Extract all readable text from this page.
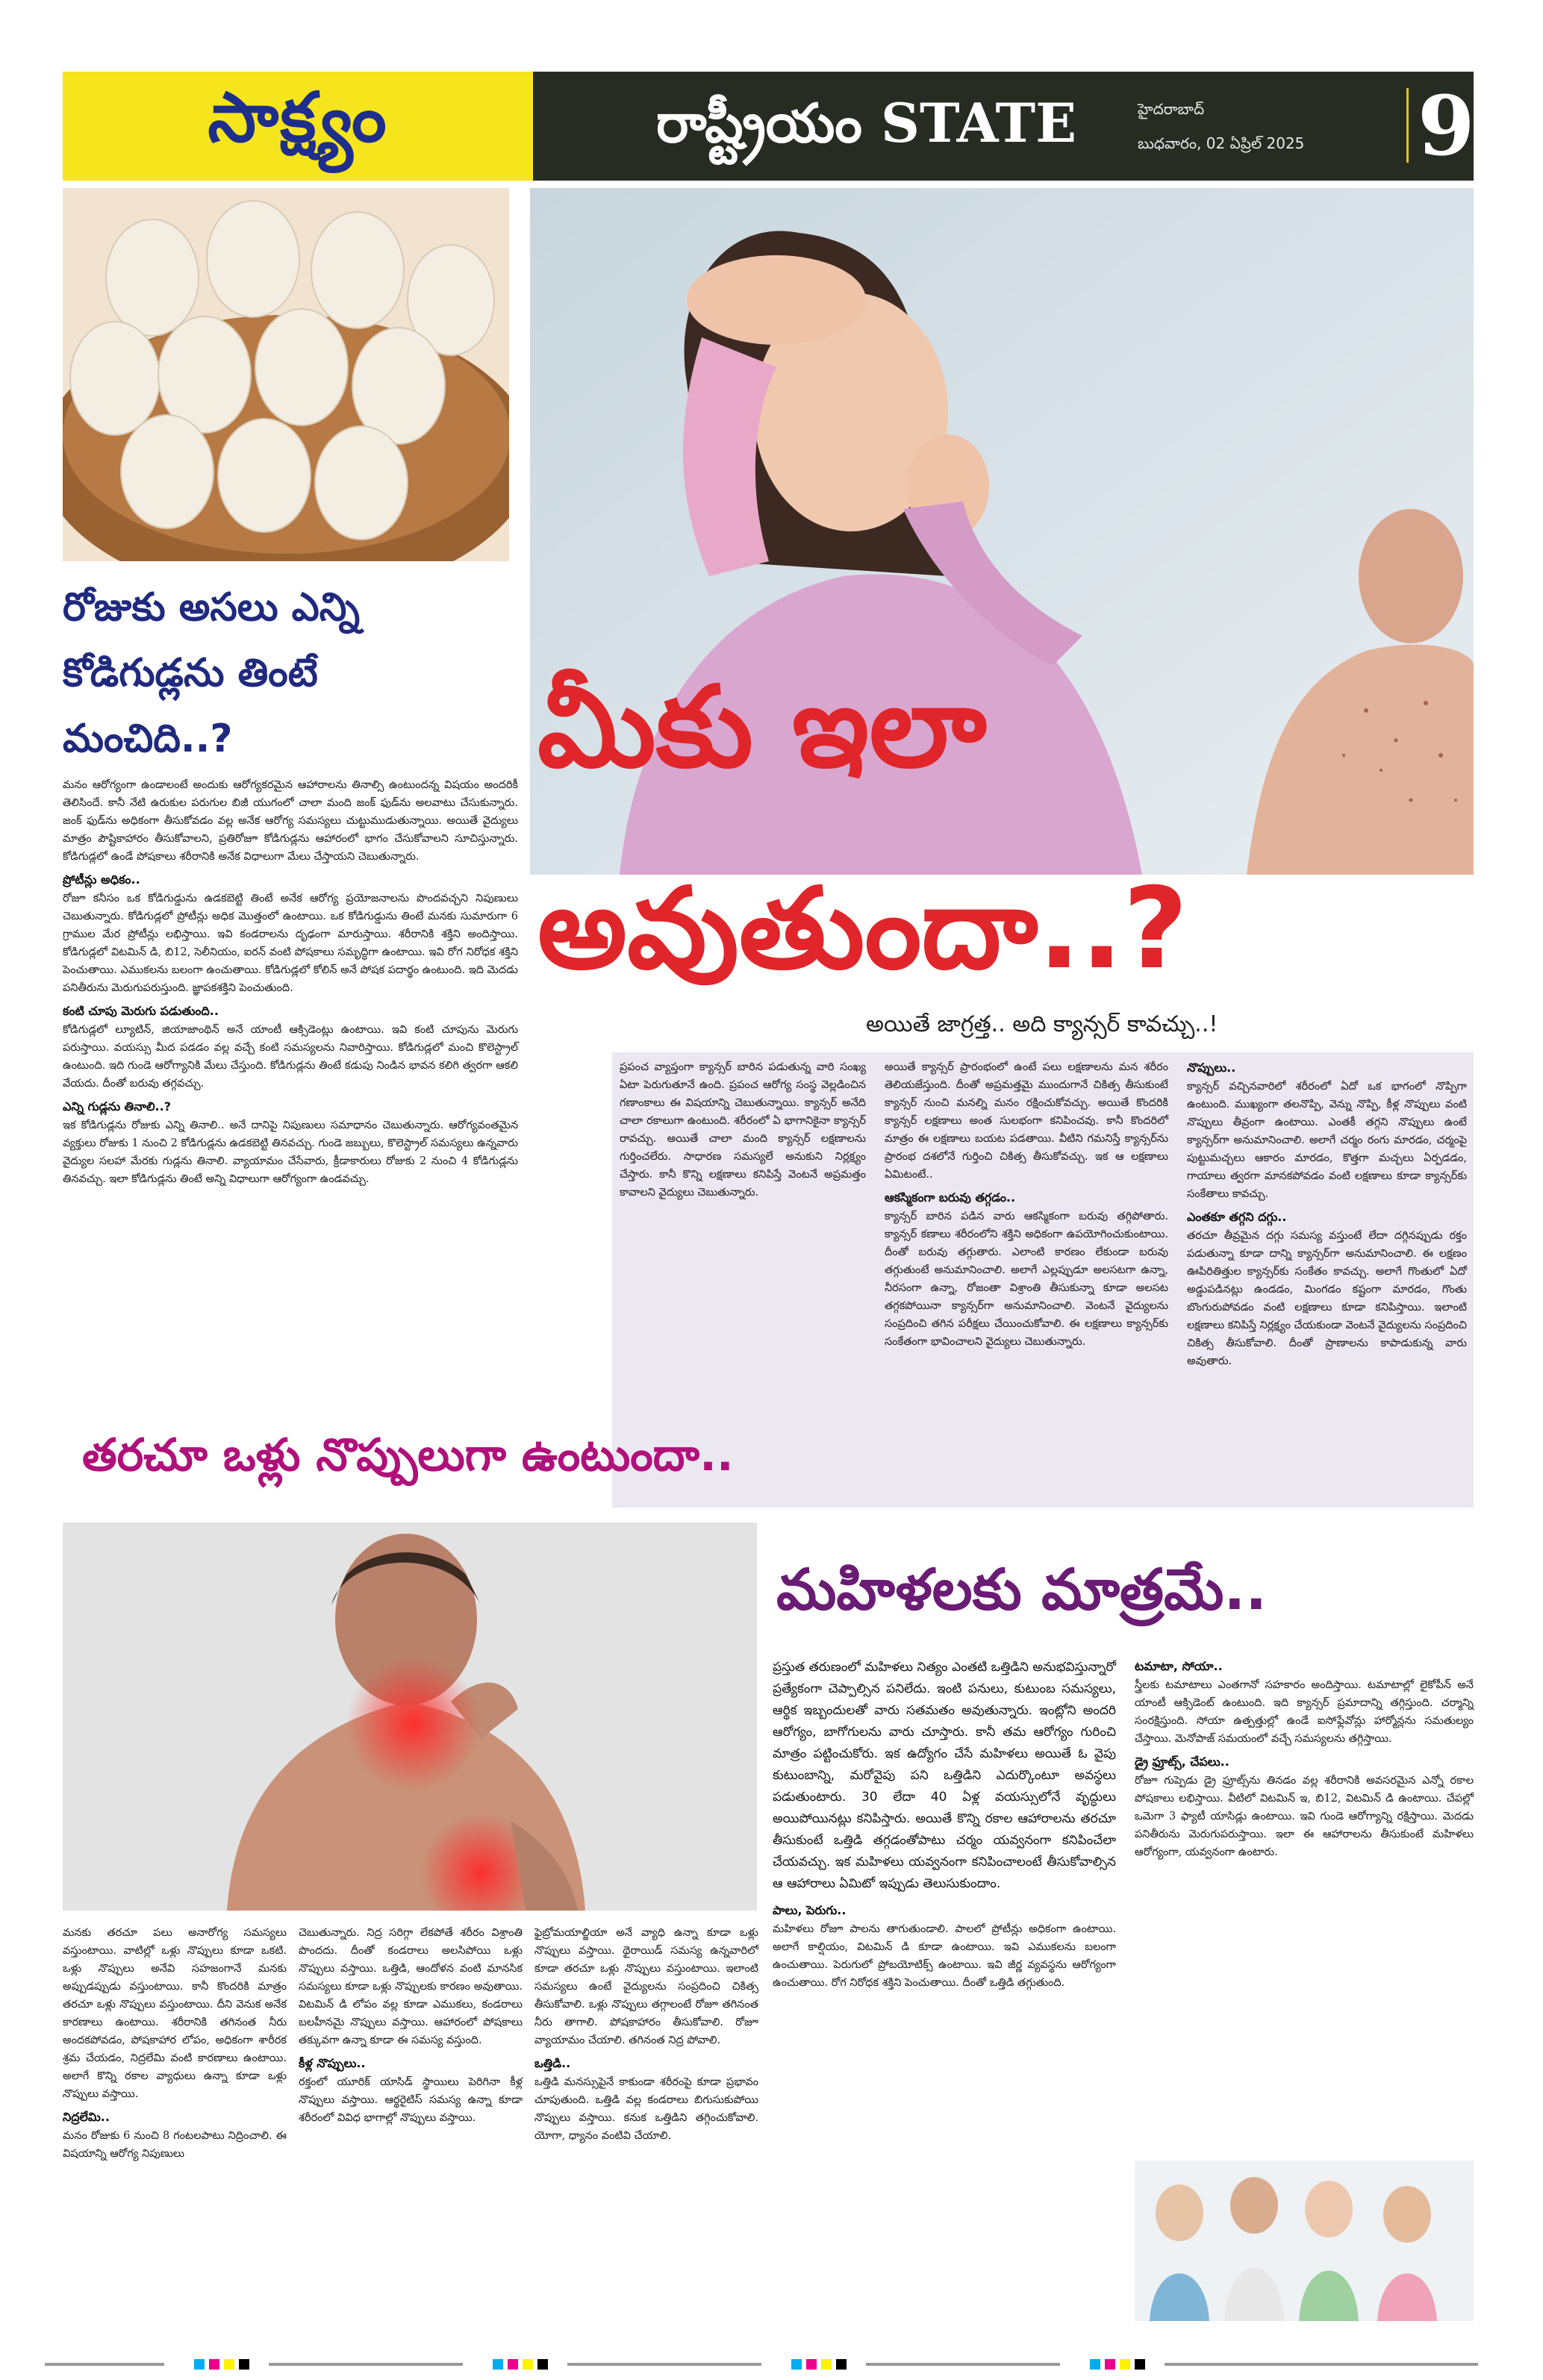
సాక్ష్యం	రాష్ట్రీయం STATE	హైదరాబాద్
బుధవారం, 02 ఏప్రిల్ 2025 9
రోజుకు అసలు ఎన్ని కోడిగుడ్లను తింటే మంచిది..?

మనం ఆరోగ్యంగా ఉండాలంటే అందుకు ఆరోగ్యకరమైన ఆహారాలను తినాల్సి ఉంటుందన్న విషయం అందరికీ తెలిసిందే. కానీ నేటి ఉరుకుల పరుగుల బిజీ యుగంలో చాలా మంది జంక్ ఫుడ్‌ను అలవాటు చేసుకున్నారు. జంక్ ఫుడ్‌ను అధికంగా తీసుకోవడం వల్ల అనేక ఆరోగ్య సమస్యలు చుట్టుముడుతున్నాయి. అయితే వైద్యులు మాత్రం పౌష్టికాహారం తీసుకోవాలని, ప్రతిరోజూ కోడిగుడ్లను ఆహారంలో భాగం చేసుకోవాలని సూచిస్తున్నారు. కోడిగుడ్లలో ఉండే పోషకాలు శరీరానికి అనేక విధాలుగా మేలు చేస్తాయని చెబుతున్నారు.

ప్రోటీన్లు అధికం..

రోజూ కనీసం ఒక కోడిగుడ్డును ఉడకబెట్టి తింటే అనేక ఆరోగ్య ప్రయోజనాలను పొందవచ్చని నిపుణులు చెబుతున్నారు. కోడిగుడ్లలో ప్రోటీన్లు అధిక మొత్తంలో ఉంటాయి. ఒక కోడిగుడ్డును తింటే మనకు సుమారుగా 6 గ్రాముల మేర ప్రోటీన్లు లభిస్తాయి. ఇవి కండరాలను దృఢంగా మారుస్తాయి. శరీరానికి శక్తిని అందిస్తాయి. కోడిగుడ్లలో విటమిన్ డి, బి12, సెలీనియం, ఐరన్ వంటి పోషకాలు సమృద్ధిగా ఉంటాయి. ఇవి రోగ నిరోధక శక్తిని పెంచుతాయి. ఎముకలను బలంగా ఉంచుతాయి. కోడిగుడ్లలో కోలిన్ అనే పోషక పదార్థం ఉంటుంది. ఇది మెదడు పనితీరును మెరుగుపరుస్తుంది. జ్ఞాపకశక్తిని పెంచుతుంది.

కంటి చూపు మెరుగు పడుతుంది..

కోడిగుడ్లలో ల్యూటిన్, జియాజాంథిన్ అనే యాంటీ ఆక్సిడెంట్లు ఉంటాయి. ఇవి కంటి చూపును మెరుగు పరుస్తాయి. వయస్సు మీద పడడం వల్ల వచ్చే కంటి సమస్యలను నివారిస్తాయి. కోడిగుడ్లలో మంచి కొలెస్ట్రాల్ ఉంటుంది. ఇది గుండె ఆరోగ్యానికి మేలు చేస్తుంది. కోడిగుడ్లను తింటే కడుపు నిండిన భావన కలిగి త్వరగా ఆకలి వేయదు. దీంతో బరువు తగ్గవచ్చు.

ఎన్ని గుడ్లను తినాలి..?

ఇక కోడిగుడ్లను రోజుకు ఎన్ని తినాలి.. అనే దానిపై నిపుణులు సమాధానం చెబుతున్నారు. ఆరోగ్యవంతమైన వ్యక్తులు రోజుకు 1 నుంచి 2 కోడిగుడ్లను ఉడకబెట్టి తినవచ్చు. గుండె జబ్బులు, కొలెస్ట్రాల్ సమస్యలు ఉన్నవారు వైద్యుల సలహా మేరకు గుడ్లను తినాలి. వ్యాయామం చేసేవారు, క్రీడాకారులు రోజుకు 2 నుంచి 4 కోడిగుడ్లను తినవచ్చు. ఇలా కోడిగుడ్లను తింటే అన్ని విధాలుగా ఆరోగ్యంగా ఉండవచ్చు.

మీకు ఇలా
అవుతుందా..?
అయితే జాగ్రత్త.. అది క్యాన్సర్ కావచ్చు..!

ప్రపంచ వ్యాప్తంగా క్యాన్సర్ బారిన పడుతున్న వారి సంఖ్య ఏటా పెరుగుతూనే ఉంది. ప్రపంచ ఆరోగ్య సంస్థ వెల్లడించిన గణాంకాలు ఈ విషయాన్ని చెబుతున్నాయి. క్యాన్సర్ అనేది చాలా రకాలుగా ఉంటుంది. శరీరంలో ఏ భాగానికైనా క్యాన్సర్ రావచ్చు. అయితే చాలా మంది క్యాన్సర్ లక్షణాలను గుర్తించలేరు. సాధారణ సమస్యలే అనుకుని నిర్లక్ష్యం చేస్తారు. కానీ కొన్ని లక్షణాలు కనిపిస్తే వెంటనే అప్రమత్తం కావాలని వైద్యులు చెబుతున్నారు.

అయితే క్యాన్సర్ ప్రారంభంలో ఉంటే పలు లక్షణాలను మన శరీరం తెలియజేస్తుంది. దీంతో అప్రమత్తమై ముందుగానే చికిత్స తీసుకుంటే క్యాన్సర్ నుంచి మనల్ని మనం రక్షించుకోవచ్చు. అయితే కొందరికి క్యాన్సర్ లక్షణాలు అంత సులభంగా కనిపించవు. కానీ కొందరిలో మాత్రం ఈ లక్షణాలు బయట పడతాయి. వీటిని గమనిస్తే క్యాన్సర్‌ను ప్రారంభ దశలోనే గుర్తించి చికిత్స తీసుకోవచ్చు. ఇక ఆ లక్షణాలు ఏమిటంటే..

ఆకస్మికంగా బరువు తగ్గడం..

క్యాన్సర్ బారిన పడిన వారు ఆకస్మికంగా బరువు తగ్గిపోతారు. క్యాన్సర్ కణాలు శరీరంలోని శక్తిని అధికంగా ఉపయోగించుకుంటాయి. దీంతో బరువు తగ్గుతారు. ఎలాంటి కారణం లేకుండా బరువు తగ్గుతుంటే అనుమానించాలి. అలాగే ఎల్లప్పుడూ అలసటగా ఉన్నా, నీరసంగా ఉన్నా, రోజంతా విశ్రాంతి తీసుకున్నా కూడా అలసట తగ్గకపోయినా క్యాన్సర్‌గా అనుమానించాలి. వెంటనే వైద్యులను సంప్రదించి తగిన పరీక్షలు చేయించుకోవాలి. ఈ లక్షణాలు క్యాన్సర్‌కు సంకేతంగా భావించాలని వైద్యులు చెబుతున్నారు.

నొప్పులు..

క్యాన్సర్ వచ్చినవారిలో శరీరంలో ఏదో ఒక భాగంలో నొప్పిగా ఉంటుంది. ముఖ్యంగా తలనొప్పి, వెన్ను నొప్పి, కీళ్ల నొప్పులు వంటి నొప్పులు తీవ్రంగా ఉంటాయి. ఎంతకీ తగ్గని నొప్పులు ఉంటే క్యాన్సర్‌గా అనుమానించాలి. అలాగే చర్మం రంగు మారడం, చర్మంపై పుట్టుమచ్చలు ఆకారం మారడం, కొత్తగా మచ్చలు ఏర్పడడం, గాయాలు త్వరగా మానకపోవడం వంటి లక్షణాలు కూడా క్యాన్సర్‌కు సంకేతాలు కావచ్చు.

ఎంతకూ తగ్గని దగ్గు..

తరచూ తీవ్రమైన దగ్గు సమస్య వస్తుంటే లేదా దగ్గినప్పుడు రక్తం పడుతున్నా కూడా దాన్ని క్యాన్సర్‌గా అనుమానించాలి. ఈ లక్షణం ఊపిరితిత్తుల క్యాన్సర్‌కు సంకేతం కావచ్చు. అలాగే గొంతులో ఏదో అడ్డుపడినట్లు ఉండడం, మింగడం కష్టంగా మారడం, గొంతు బొంగురుపోవడం వంటి లక్షణాలు కూడా కనిపిస్తాయి. ఇలాంటి లక్షణాలు కనిపిస్తే నిర్లక్ష్యం చేయకుండా వెంటనే వైద్యులను సంప్రదించి చికిత్స తీసుకోవాలి. దీంతో ప్రాణాలను కాపాడుకున్న వారు అవుతారు.

తరచూ ఒళ్లు నొప్పులుగా ఉంటుందా..

మనకు తరచూ పలు అనారోగ్య సమస్యలు వస్తుంటాయి. వాటిల్లో ఒళ్లు నొప్పులు కూడా ఒకటి. ఒళ్లు నొప్పులు అనేవి సహజంగానే మనకు అప్పుడప్పుడు వస్తుంటాయి. కానీ కొందరికి మాత్రం తరచూ ఒళ్లు నొప్పులు వస్తుంటాయి. దీని వెనుక అనేక కారణాలు ఉంటాయి. శరీరానికి తగినంత నీరు అందకపోవడం, పోషకాహార లోపం, అధికంగా శారీరక శ్రమ చేయడం, నిద్రలేమి వంటి కారణాలు ఉంటాయి. అలాగే కొన్ని రకాల వ్యాధులు ఉన్నా కూడా ఒళ్లు నొప్పులు వస్తాయి.

నిద్రలేమి..

మనం రోజుకు 6 నుంచి 8 గంటలపాటు నిద్రించాలి. ఈ విషయాన్ని ఆరోగ్య నిపుణులు

చెబుతున్నారు. నిద్ర సరిగ్గా లేకపోతే శరీరం విశ్రాంతి పొందదు. దీంతో కండరాలు అలసిపోయి ఒళ్లు నొప్పులు వస్తాయి. ఒత్తిడి, ఆందోళన వంటి మానసిక సమస్యలు కూడా ఒళ్లు నొప్పులకు కారణం అవుతాయి. విటమిన్ డి లోపం వల్ల కూడా ఎముకలు, కండరాలు బలహీనమై నొప్పులు వస్తాయి. ఆహారంలో పోషకాలు తక్కువగా ఉన్నా కూడా ఈ సమస్య వస్తుంది.

కీళ్ల నొప్పులు..

రక్తంలో యూరిక్ యాసిడ్ స్థాయిలు పెరిగినా కీళ్ల నొప్పులు వస్తాయి. ఆర్థరైటిస్ సమస్య ఉన్నా కూడా శరీరంలో వివిధ భాగాల్లో నొప్పులు వస్తాయి.

ఫైబ్రోమయాల్జియా అనే వ్యాధి ఉన్నా కూడా ఒళ్లు నొప్పులు వస్తాయి. థైరాయిడ్ సమస్య ఉన్నవారిలో కూడా తరచూ ఒళ్లు నొప్పులు వస్తుంటాయి. ఇలాంటి సమస్యలు ఉంటే వైద్యులను సంప్రదించి చికిత్స తీసుకోవాలి. ఒళ్లు నొప్పులు తగ్గాలంటే రోజూ తగినంత నీరు తాగాలి. పోషకాహారం తీసుకోవాలి. రోజూ వ్యాయామం చేయాలి. తగినంత నిద్ర పోవాలి.

ఒత్తిడి..

ఒత్తిడి మనస్సుపైనే కాకుండా శరీరంపై కూడా ప్రభావం చూపుతుంది. ఒత్తిడి వల్ల కండరాలు బిగుసుకుపోయి నొప్పులు వస్తాయి. కనుక ఒత్తిడిని తగ్గించుకోవాలి. యోగా, ధ్యానం వంటివి చేయాలి.

మహిళలకు మాత్రమే..

ప్రస్తుత తరుణంలో మహిళలు నిత్యం ఎంతటి ఒత్తిడిని అనుభవిస్తున్నారో ప్రత్యేకంగా చెప్పాల్సిన పనిలేదు. ఇంటి పనులు, కుటుంబ సమస్యలు, ఆర్థిక ఇబ్బందులతో వారు సతమతం అవుతున్నారు. ఇంట్లోని అందరి ఆరోగ్యం, బాగోగులను వారు చూస్తారు. కానీ తమ ఆరోగ్యం గురించి మాత్రం పట్టించుకోరు. ఇక ఉద్యోగం చేసే మహిళలు అయితే ఓ వైపు కుటుంబాన్ని, మరోవైపు పని ఒత్తిడిని ఎదుర్కొంటూ అవస్థలు పడుతుంటారు. 30 లేదా 40 ఏళ్ల వయస్సులోనే వృద్ధులు అయిపోయినట్లు కనిపిస్తారు. అయితే కొన్ని రకాల ఆహారాలను తరచూ తీసుకుంటే ఒత్తిడి తగ్గడంతోపాటు చర్మం యవ్వనంగా కనిపించేలా చేయవచ్చు. ఇక మహిళలు యవ్వనంగా కనిపించాలంటే తీసుకోవాల్సిన ఆ ఆహారాలు ఏమిటో ఇప్పుడు తెలుసుకుందాం.

పాలు, పెరుగు..

మహిళలు రోజూ పాలను తాగుతుండాలి. పాలలో ప్రోటీన్లు అధికంగా ఉంటాయి. అలాగే కాల్షియం, విటమిన్ డి కూడా ఉంటాయి. ఇవి ఎముకలను బలంగా ఉంచుతాయి. పెరుగులో ప్రోబయోటిక్స్ ఉంటాయి. ఇవి జీర్ణ వ్యవస్థను ఆరోగ్యంగా ఉంచుతాయి. రోగ నిరోధక శక్తిని పెంచుతాయి. దీంతో ఒత్తిడి తగ్గుతుంది.

టమాటా, సోయా..

స్త్రీలకు టమాటాలు ఎంతగానో సహకారం అందిస్తాయి. టమాటాల్లో లైకోపీన్ అనే యాంటీ ఆక్సిడెంట్ ఉంటుంది. ఇది క్యాన్సర్ ప్రమాదాన్ని తగ్గిస్తుంది. చర్మాన్ని సంరక్షిస్తుంది. సోయా ఉత్పత్తుల్లో ఉండే ఐసోఫ్లేవోన్లు హార్మోన్లను సమతుల్యం చేస్తాయి. మెనోపాజ్ సమయంలో వచ్చే సమస్యలను తగ్గిస్తాయి.

డ్రై ఫ్రూట్స్, చేపలు..

రోజూ గుప్పెడు డ్రై ఫ్రూట్స్‌ను తినడం వల్ల శరీరానికి అవసరమైన ఎన్నో రకాల పోషకాలు లభిస్తాయి. వీటిలో విటమిన్ ఇ, బి12, విటమిన్ డి ఉంటాయి. చేపల్లో ఒమెగా 3 ఫ్యాటీ యాసిడ్లు ఉంటాయి. ఇవి గుండె ఆరోగ్యాన్ని రక్షిస్తాయి. మెదడు పనితీరును మెరుగుపరుస్తాయి. ఇలా ఈ ఆహారాలను తీసుకుంటే మహిళలు ఆరోగ్యంగా, యవ్వనంగా ఉంటారు.
